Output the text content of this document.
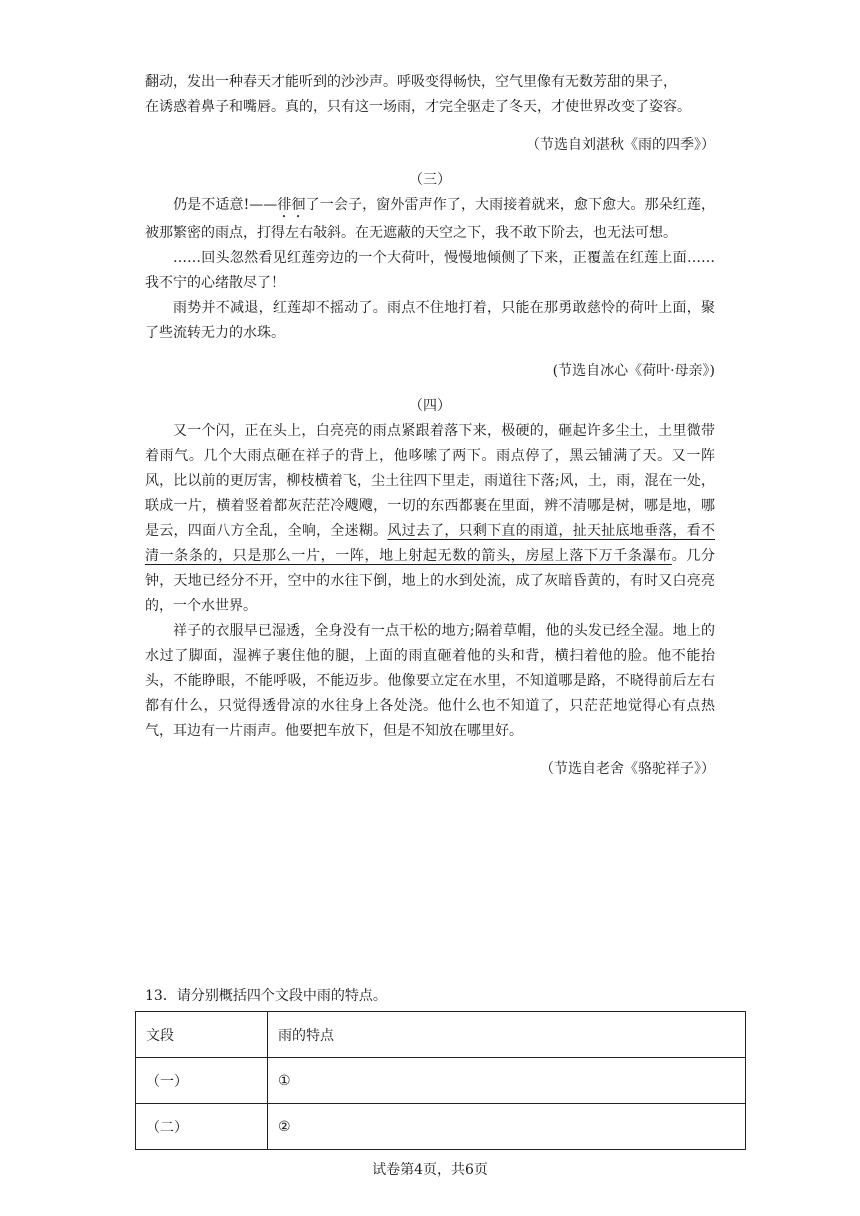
翻动，发出一种春天才能听到的沙沙声。呼吸变得畅快，空气里像有无数芳甜的果子，

在诱惑着鼻子和嘴唇。真的，只有这一场雨，才完全驱走了冬天，才使世界改变了姿容。

（节选自刘湛秋《雨的四季》）

（三）

仍是不适意!——徘徊了一会子，窗外雷声作了，大雨接着就来，愈下愈大。那朵红莲，被那繁密的雨点，打得左右敧斜。在无遮蔽的天空之下，我不敢下阶去，也无法可想。

……回头忽然看见红莲旁边的一个大荷叶，慢慢地倾侧了下来，正覆盖在红莲上面……我不宁的心绪散尽了！

雨势并不减退，红莲却不摇动了。雨点不住地打着，只能在那勇敢慈怜的荷叶上面，聚了些流转无力的水珠。

(节选自冰心《荷叶·母亲》)

（四）

又一个闪，正在头上，白亮亮的雨点紧跟着落下来，极硬的，砸起许多尘土，土里微带着雨气。几个大雨点砸在祥子的背上，他哆嗦了两下。雨点停了，黑云铺满了天。又一阵风，比以前的更厉害，柳枝横着飞，尘土往四下里走，雨道往下落;风，土，雨，混在一处，联成一片，横着竖着都灰茫茫冷飕飕，一切的东西都裹在里面，辨不清哪是树，哪是地，哪是云，四面八方全乱，全响，全迷糊。风过去了，只剩下直的雨道，扯天扯底地垂落，看不清一条条的，只是那么一片，一阵，地上射起无数的箭头，房屋上落下万千条瀑布。几分钟，天地已经分不开，空中的水往下倒，地上的水到处流，成了灰暗昏黄的，有时又白亮亮的，一个水世界。

祥子的衣服早已湿透，全身没有一点干松的地方;隔着草帽，他的头发已经全湿。地上的水过了脚面，湿裤子裹住他的腿，上面的雨直砸着他的头和背，横扫着他的脸。他不能抬头，不能睁眼，不能呼吸，不能迈步。他像要立定在水里，不知道哪是路，不晓得前后左右都有什么，只觉得透骨凉的水往身上各处浇。他什么也不知道了，只茫茫地觉得心有点热气，耳边有一片雨声。他要把车放下，但是不知放在哪里好。

（节选自老舍《骆驼祥子》）

13．请分别概括四个文段中雨的特点。

文段	雨的特点
（一）	①
（二）	②

试卷第4页，共6页
